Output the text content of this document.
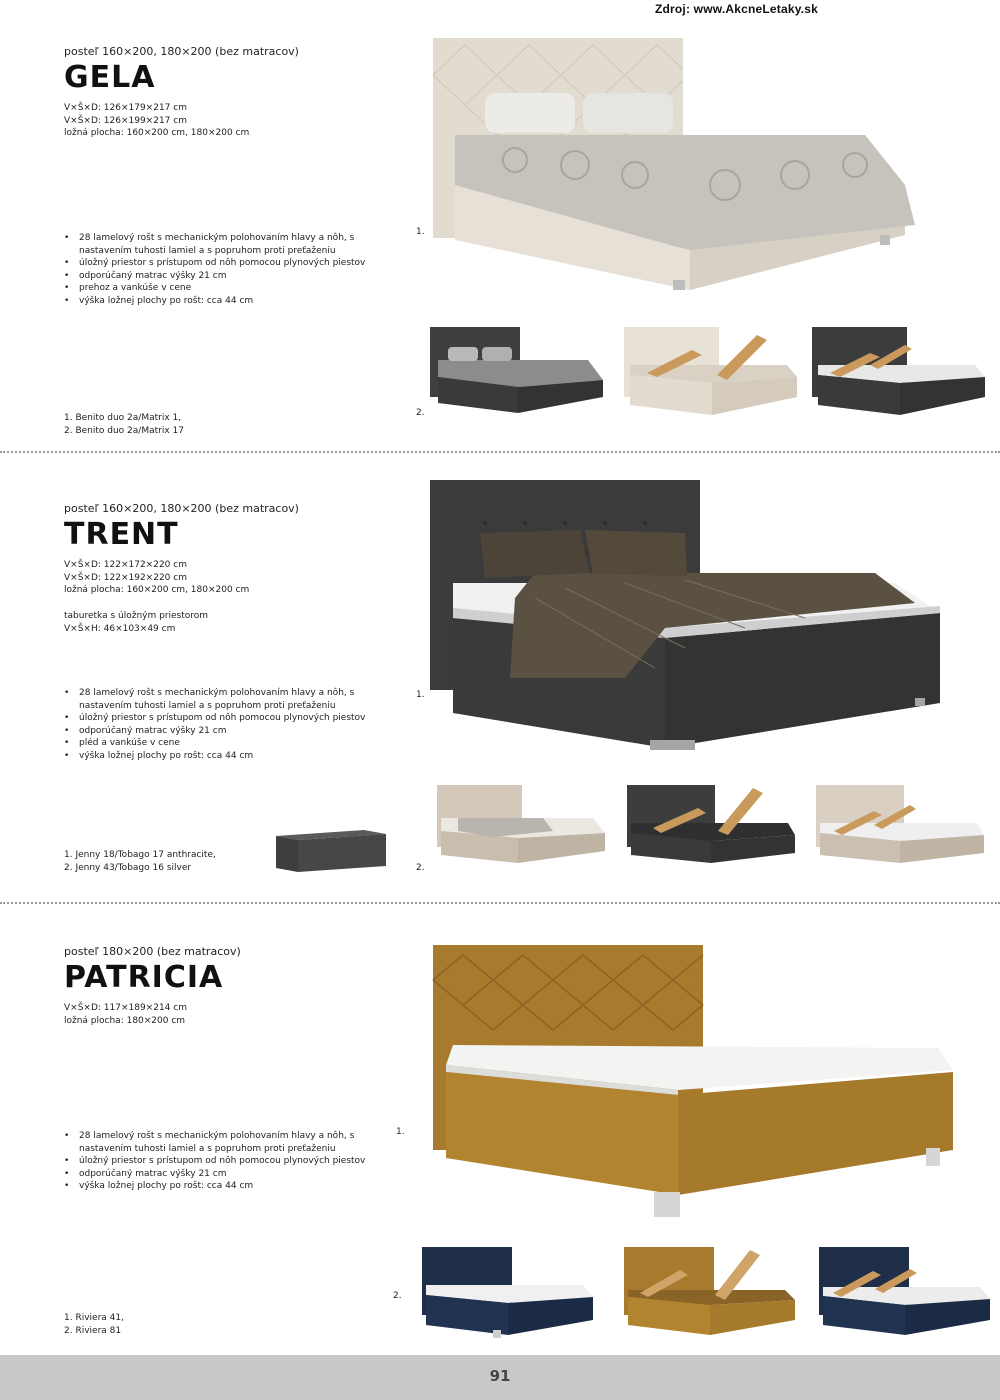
Zdroj: www.AkcneLetaky.sk
posteľ 160×200, 180×200 (bez matracov)
GELA
V×Š×D: 126×179×217 cm
V×Š×D: 126×199×217 cm
ložná plocha: 160×200 cm, 180×200 cm
• 28 lamelový rošt s mechanickým polohovaním hlavy a nôh, s nastavením tuhosti lamiel a s popruhom proti preťaženiu
• úložný priestor s prístupom od nôh pomocou plynových piestov
• odporúčaný matrac výšky 21 cm
• prehoz a vankúše v cene
• výška ložnej plochy po rošt: cca 44 cm
1. Benito duo 2a/Matrix 1,
2. Benito duo 2a/Matrix 17
1.
2.
posteľ 160×200, 180×200 (bez matracov)
TRENT
V×Š×D: 122×172×220 cm
V×Š×D: 122×192×220 cm
ložná plocha: 160×200 cm, 180×200 cm
taburetka s úložným priestorom
V×Š×H: 46×103×49 cm
• 28 lamelový rošt s mechanickým polohovaním hlavy a nôh, s nastavením tuhosti lamiel a s popruhom proti preťaženiu
• úložný priestor s prístupom od nôh pomocou plynových piestov
• odporúčaný matrac výšky 21 cm
• pléd a vankúše v cene
• výška ložnej plochy po rošt: cca 44 cm
1. Jenny 18/Tobago 17 anthracite,
2. Jenny 43/Tobago 16 silver
1.
2.
posteľ 180×200 (bez matracov)
PATRICIA
V×Š×D: 117×189×214 cm
ložná plocha: 180×200 cm
• 28 lamelový rošt s mechanickým polohovaním hlavy a nôh, s nastavením tuhosti lamiel a s popruhom proti preťaženiu
• úložný priestor s prístupom od nôh pomocou plynových piestov
• odporúčaný matrac výšky 21 cm
• výška ložnej plochy po rošt: cca 44 cm
1. Riviera 41,
2. Riviera 81
1.
2.
91
